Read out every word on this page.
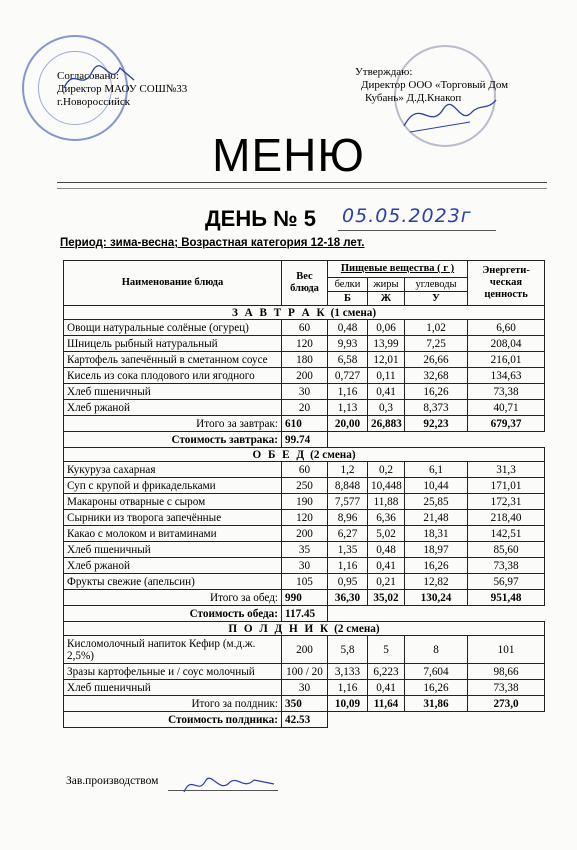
Согласовано:
Директор МАОУ СОШ№33
г.Новороссийск
Утверждаю:
Директор ООО «Торговый Дом
Кубань» Д.Д.Кнакоп
МЕНЮ
ДЕНЬ № 5 05.05.2023г
Период: зима-весна; Возрастная категория 12-18 лет.
Наименование блюда	Вес блюда	Пищевые вещества ( г )			Энергети-ческая ценность
		белки	жиры	углеводы	
		Б	Ж	У	
З А В Т Р А К (1 смена)					
Овощи натуральные солёные (огурец)	60	0,48	0,06	1,02	6,60
Шницель рыбный натуральный	120	9,93	13,99	7,25	208,04
Картофель запечённый в сметанном соусе	180	6,58	12,01	26,66	216,01
Кисель из сока плодового или ягодного	200	0,727	0,11	32,68	134,63
Хлеб пшеничный	30	1,16	0,41	16,26	73,38
Хлеб ржаной	20	1,13	0,3	8,373	40,71
Итого за завтрак:	610	20,00	26,883	92,23	679,37
Стоимость завтрака:	99.74				
О Б Е Д (2 смена)					
Кукуруза сахарная	60	1,2	0,2	6,1	31,3
Суп с крупой и фрикадельками	250	8,848	10,448	10,44	171,01
Макароны отварные с сыром	190	7,577	11,88	25,85	172,31
Сырники из творога запечённые	120	8,96	6,36	21,48	218,40
Какао с молоком и витаминами	200	6,27	5,02	18,31	142,51
Хлеб пшеничный	35	1,35	0,48	18,97	85,60
Хлеб ржаной	30	1,16	0,41	16,26	73,38
Фрукты свежие (апельсин)	105	0,95	0,21	12,82	56,97
Итого за обед:	990	36,30	35,02	130,24	951,48
Стоимость обеда:	117.45				
П О Л Д Н И К (2 смена)					
Кисломолочный напиток Кефир (м.д.ж. 2,5%)	200	5,8	5	8	101
Зразы картофельные и / соус молочный	100 / 20	3,133	6,223	7,604	98,66
Хлеб пшеничный	30	1,16	0,41	16,26	73,38
Итого за полдник:	350	10,09	11,64	31,86	273,0
Стоимость полдника:	42.53				
Зав.производством
